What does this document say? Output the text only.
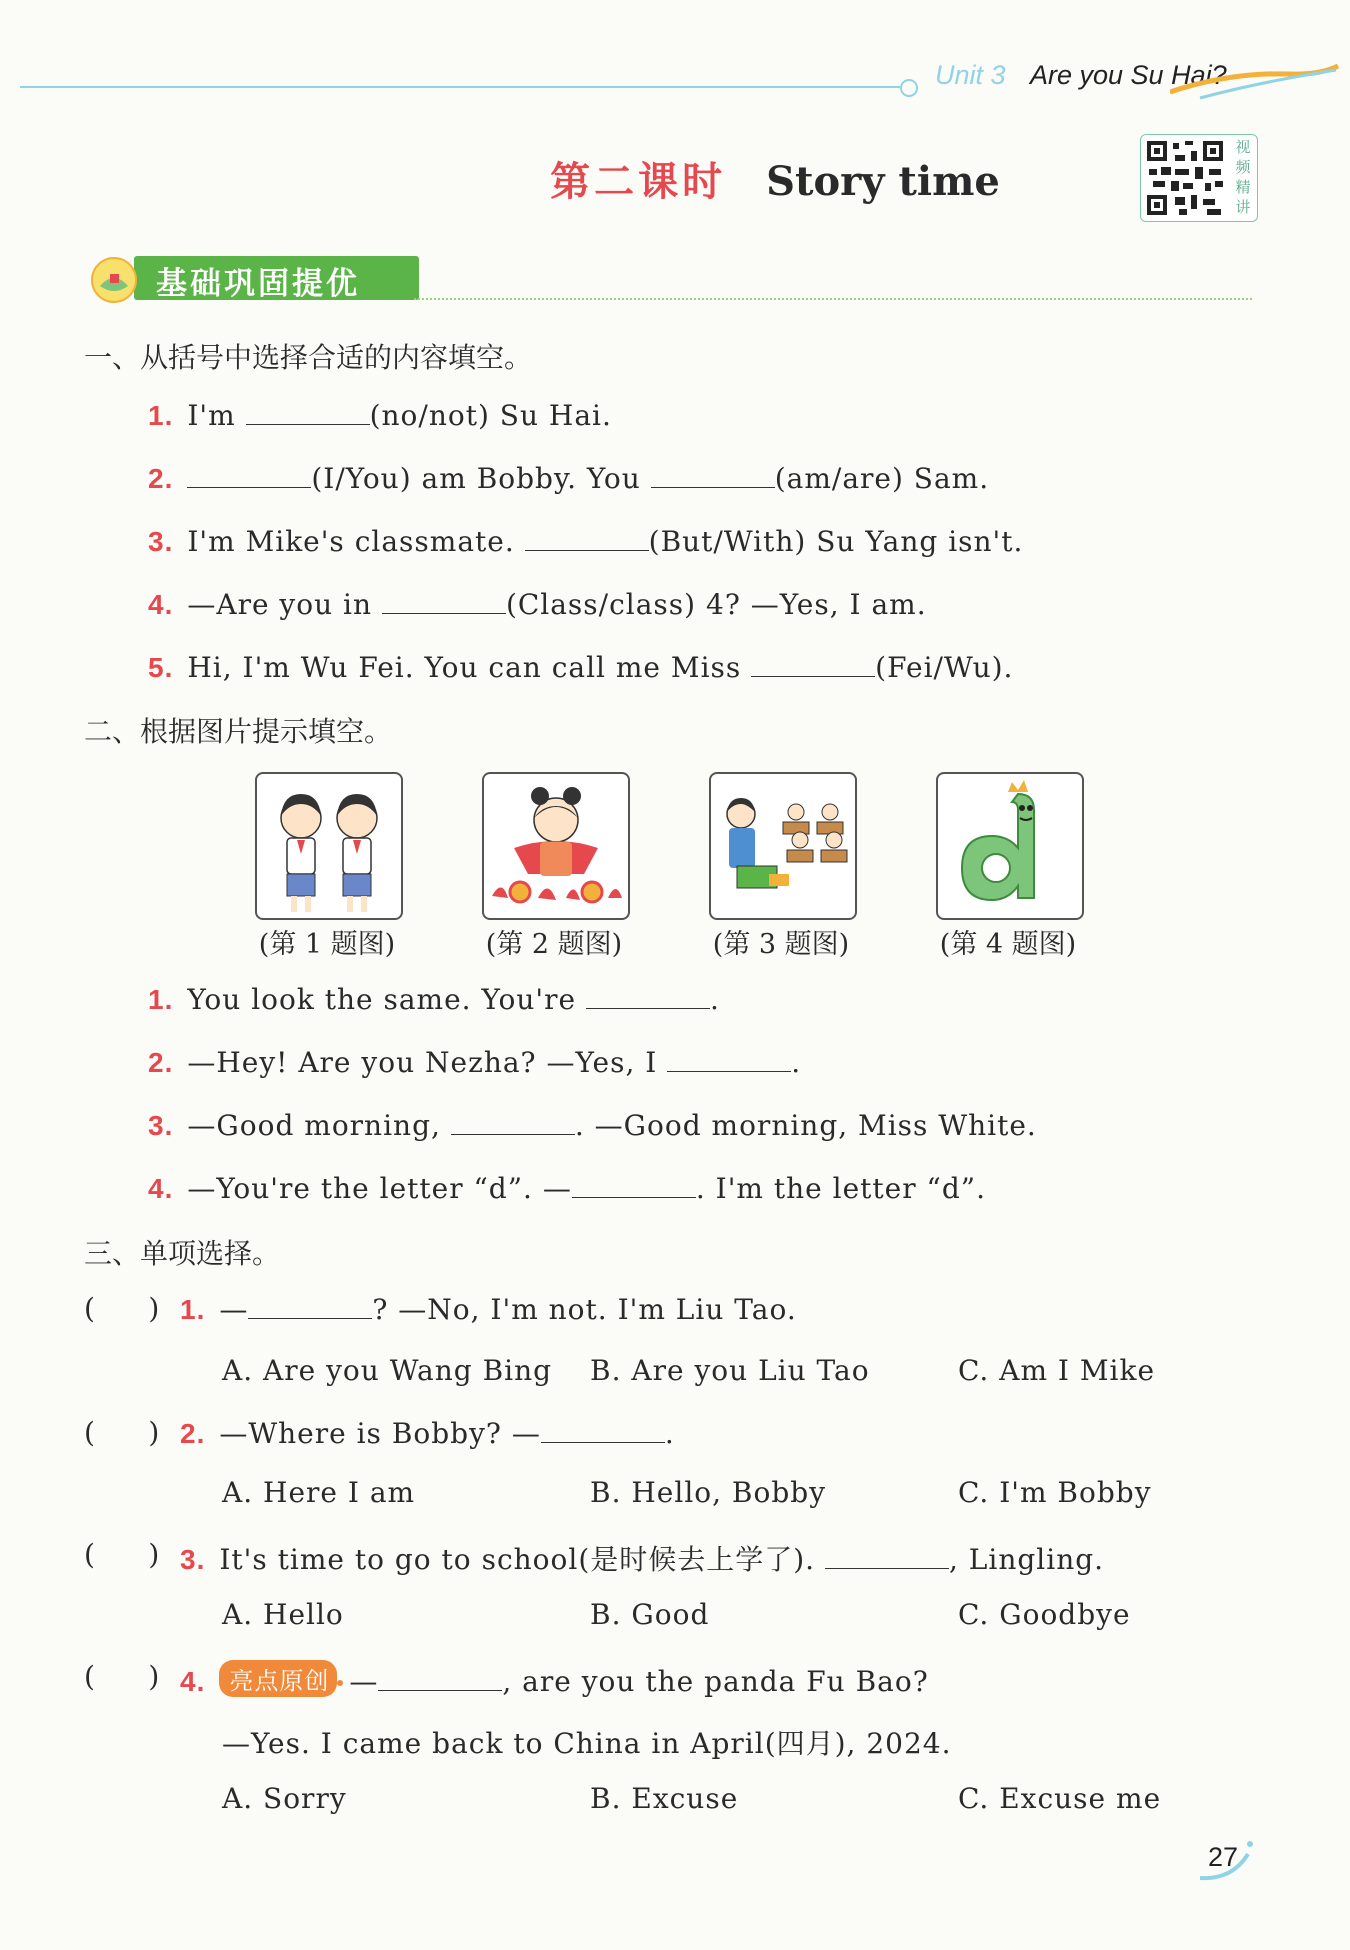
Unit 3 Are you Su Hai?
第二课时 Story time
视频精讲
基础巩固提优
一、从括号中选择合适的内容填空。
1. I'm	(no/not) Su Hai.
2.	(I/You) am Bobby. You	(am/are) Sam.
3. I'm Mike's classmate.	(But/With) Su Yang isn't.
4. —Are you in	(Class/class) 4? —Yes, I am.
5. Hi, I'm Wu Fei. You can call me Miss	(Fei/Wu).
二、根据图片提示填空。
(第 1 题图)	(第 2 题图)	(第 3 题图)	(第 4 题图)
1. You look the same. You're	.
2. —Hey! Are you Nezha? —Yes, I	.
3. —Good morning,	. —Good morning, Miss White.
4. —You're the letter “d”. —	. I'm the letter “d”.
三、单项选择。
(      ) 1. —	? —No, I'm not. I'm Liu Tao.
A. Are you Wang Bing B. Are you Liu Tao	C. Am I Mike
(      ) 2. —Where is Bobby? —	.
A. Here I am	B. Hello, Bobby	C. I'm Bobby
(      ) 3. It's time to go to school(是时候去上学了).	, Lingling.
A. Hello	B. Good	C. Goodbye
(      ) 4. 亮点原创 —	, are you the panda Fu Bao?
—Yes. I came back to China in April(四月), 2024.
A. Sorry	B. Excuse	C. Excuse me
27
